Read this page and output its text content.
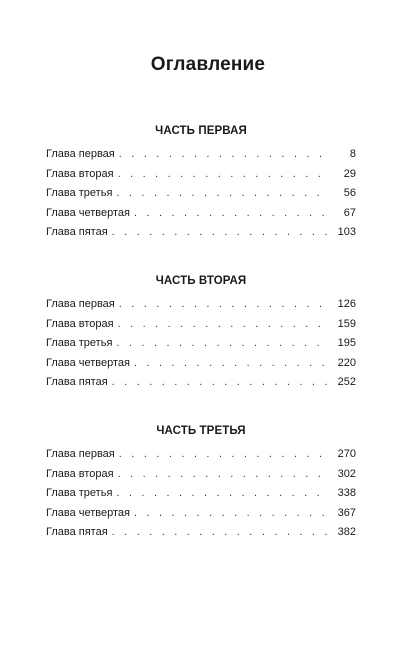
Оглавление
ЧАСТЬ ПЕРВАЯ
Глава первая . . .	8
Глава вторая . . .	29
Глава третья . . .	56
Глава четвертая . . .	67
Глава пятая . . .	103
ЧАСТЬ ВТОРАЯ
Глава первая . . .	126
Глава вторая . . .	159
Глава третья . . .	195
Глава четвертая . . .	220
Глава пятая . . .	252
ЧАСТЬ ТРЕТЬЯ
Глава первая . . .	270
Глава вторая . . .	302
Глава третья . . .	338
Глава четвертая . . .	367
Глава пятая . . .	382
